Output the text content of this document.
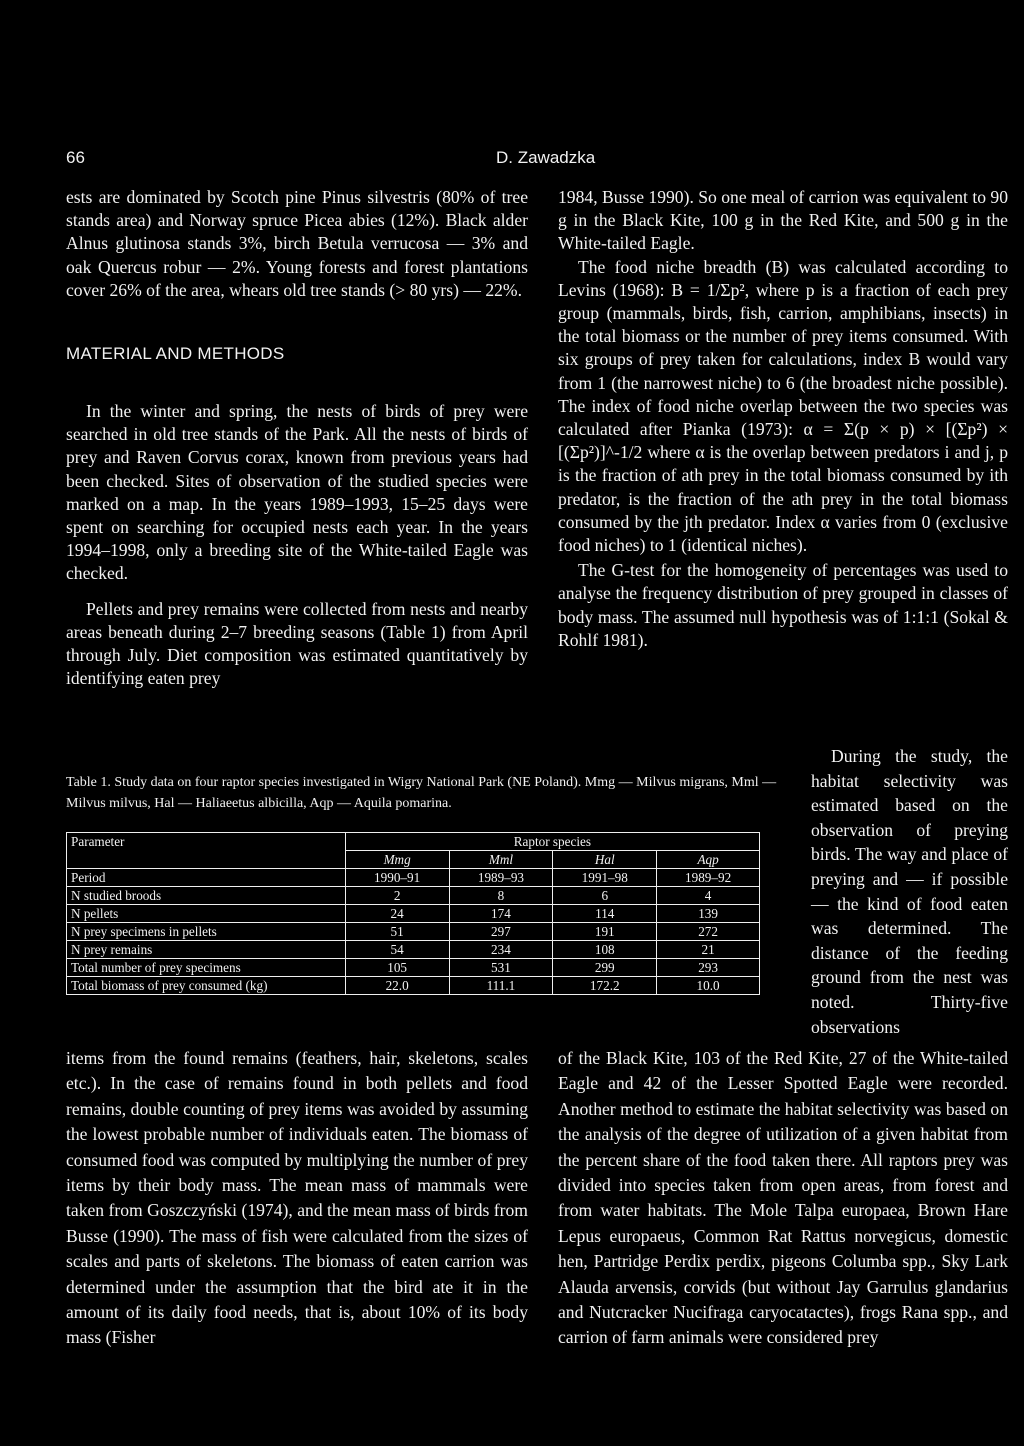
66	D. Zawadzka

ests are dominated by Scotch pine Pinus silvestris (80% of tree stands area) and Norway spruce Picea abies (12%). Black alder Alnus glutinosa stands 3%, birch Betula verrucosa — 3% and oak Quercus robur — 2%. Young forests and forest plantations cover 26% of the area, whears old tree stands (> 80 yrs) — 22%.

MATERIAL AND METHODS

In the winter and spring, the nests of birds of prey were searched in old tree stands of the Park. All the nests of birds of prey and Raven Corvus corax, known from previous years had been checked. Sites of observation of the studied species were marked on a map. In the years 1989–1993, 15–25 days were spent on searching for occupied nests each year. In the years 1994–1998, only a breeding site of the White-tailed Eagle was checked.

Pellets and prey remains were collected from nests and nearby areas beneath during 2–7 breeding seasons (Table 1) from April through July. Diet composition was estimated quantitatively by identifying eaten prey

1984, Busse 1990). So one meal of carrion was equivalent to 90 g in the Black Kite, 100 g in the Red Kite, and 500 g in the White-tailed Eagle.

The food niche breadth (B) was calculated according to Levins (1968): B = 1/Σp², where p is a fraction of each prey group (mammals, birds, fish, carrion, amphibians, insects) in the total biomass or the number of prey items consumed. With six groups of prey taken for calculations, index B would vary from 1 (the narrowest niche) to 6 (the broadest niche possible). The index of food niche overlap between the two species was calculated after Pianka (1973): α = Σ(p × p) × [(Σp²) × [(Σp²)]^-1/2 where α is the overlap between predators i and j, p is the fraction of ath prey in the total biomass consumed by ith predator, is the fraction of the ath prey in the total biomass consumed by the jth predator. Index α varies from 0 (exclusive food niches) to 1 (identical niches).

The G-test for the homogeneity of percentages was used to analyse the frequency distribution of prey grouped in classes of body mass. The assumed null hypothesis was of 1:1:1 (Sokal & Rohlf 1981).

During the study, the habitat selectivity was estimated based on the observation of preying birds. The way and place of preying and — if possible — the kind of food eaten was determined. The distance of the feeding ground from the nest was noted. Thirty-five observations

Table 1. Study data on four raptor species investigated in Wigry National Park (NE Poland). Mmg — Milvus migrans, Mml — Milvus milvus, Hal — Haliaeetus albicilla, Aqp — Aquila pomarina.
Parameter	Raptor species			
	Mmg	Mml	Hal	Aqp
Period	1990–91	1989–93	1991–98	1989–92
N studied broods	2	8	6	4
N pellets	24	174	114	139
N prey specimens in pellets	51	297	191	272
N prey remains	54	234	108	21
Total number of prey specimens	105	531	299	293
Total biomass of prey consumed (kg)	22.0	111.1	172.2	10.0

items from the found remains (feathers, hair, skeletons, scales etc.). In the case of remains found in both pellets and food remains, double counting of prey items was avoided by assuming the lowest probable number of individuals eaten. The biomass of consumed food was computed by multiplying the number of prey items by their body mass. The mean mass of mammals were taken from Goszczyński (1974), and the mean mass of birds from Busse (1990). The mass of fish were calculated from the sizes of scales and parts of skeletons. The biomass of eaten carrion was determined under the assumption that the bird ate it in the amount of its daily food needs, that is, about 10% of its body mass (Fisher

of the Black Kite, 103 of the Red Kite, 27 of the White-tailed Eagle and 42 of the Lesser Spotted Eagle were recorded. Another method to estimate the habitat selectivity was based on the analysis of the degree of utilization of a given habitat from the percent share of the food taken there. All raptors prey was divided into species taken from open areas, from forest and from water habitats. The Mole Talpa europaea, Brown Hare Lepus europaeus, Common Rat Rattus norvegicus, domestic hen, Partridge Perdix perdix, pigeons Columba spp., Sky Lark Alauda arvensis, corvids (but without Jay Garrulus glandarius and Nutcracker Nucifraga caryocatactes), frogs Rana spp., and carrion of farm animals were considered prey
